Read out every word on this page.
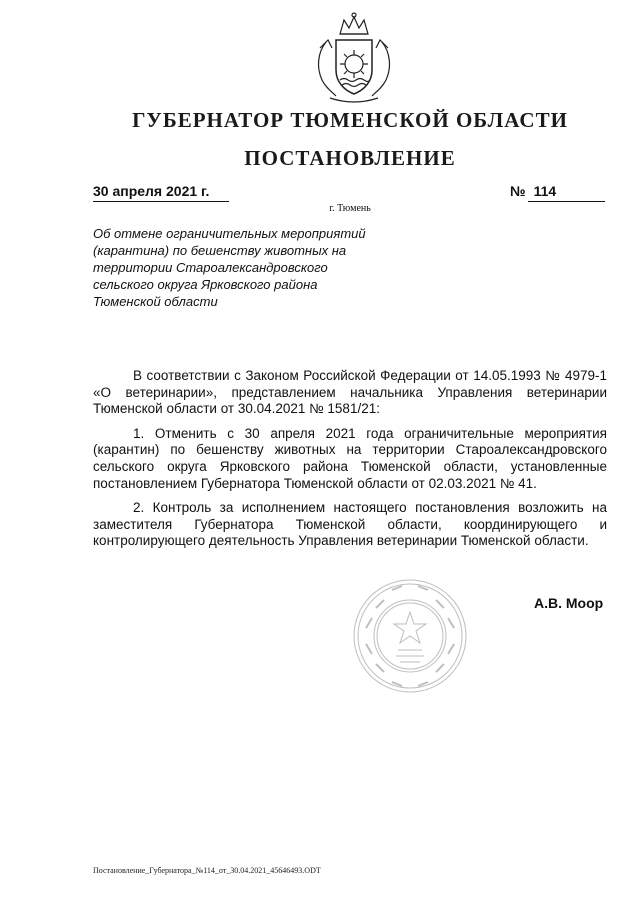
ГУБЕРНАТОР ТЮМЕНСКОЙ ОБЛАСТИ
ПОСТАНОВЛЕНИЕ
30 апреля 2021 г.	№ 114
г. Тюмень
Об отмене ограничительных мероприятий (карантина) по бешенству животных на территории Староалександровского сельского округа Ярковского района Тюменской области

В соответствии с Законом Российской Федерации от 14.05.1993 № 4979-1 «О ветеринарии», представлением начальника Управления ветеринарии Тюменской области от 30.04.2021 № 1581/21:

1. Отменить с 30 апреля 2021 года ограничительные мероприятия (карантин) по бешенству животных на территории Староалександровского сельского округа Ярковского района Тюменской области, установленные постановлением Губернатора Тюменской области от 02.03.2021 № 41.

2. Контроль за исполнением настоящего постановления возложить на заместителя Губернатора Тюменской области, координирующего и контролирующего деятельность Управления ветеринарии Тюменской области.

А.В. Моор
Постановление_Губернатора_№114_от_30.04.2021_45646493.ODT
